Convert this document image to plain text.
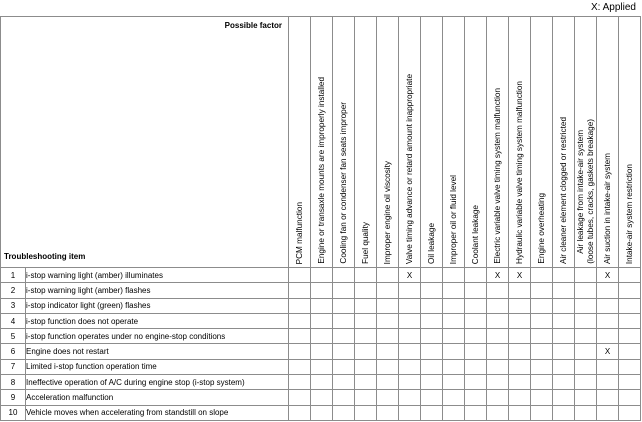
X: Applied
Possible factor
Troubleshooting item		PCM malfunction	Engine or transaxle mounts are improperly installed	Cooling fan or condenser fan seats improper	Fuel quality	Improper engine oil viscosity	Valve timing advance or retard amount inappropriate	Oil leakage	Improper oil or fluid level	Coolant leakage	Electric variable valve timing system malfunction	Hydraulic variable valve timing system malfunction	Engine overheating	Air cleaner element clogged or restricted	Air leakage from intake-air system
(loose tubes, cracks, gaskets breakage)	Air suction in intake-air system	Intake-air system restriction

1	i-stop warning light (amber) illuminates						X				X	X				X	
2	i-stop warning light (amber) flashes																
3	i-stop indicator light (green) flashes																
4	i-stop function does not operate																
5	i-stop function operates under no engine-stop conditions																
6	Engine does not restart															X	
7	Limited i-stop function operation time																
8	Ineffective operation of A/C during engine stop (i-stop system)																
9	Acceleration malfunction																
10	Vehicle moves when accelerating from standstill on slope																
